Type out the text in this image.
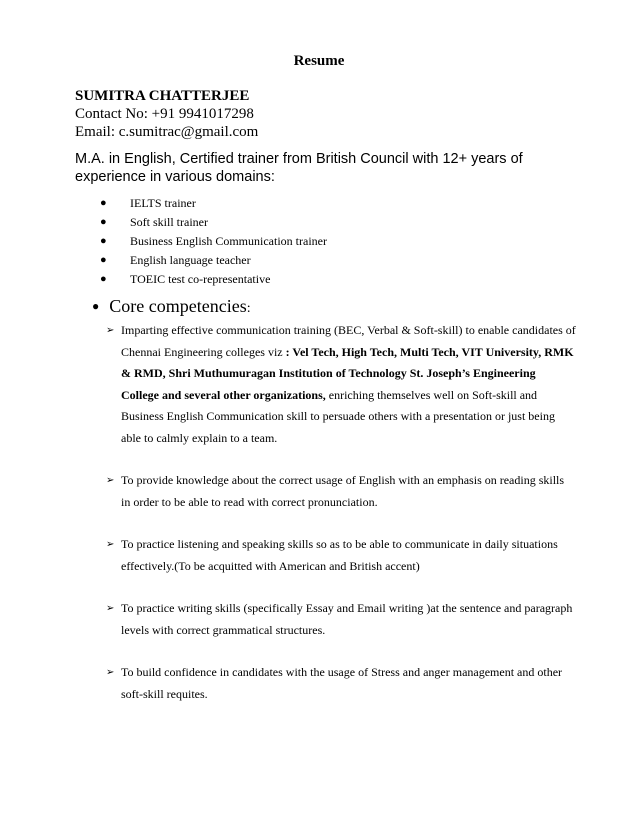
Resume
SUMITRA CHATTERJEE
Contact No: +91 9941017298
Email: c.sumitrac@gmail.com
M.A. in English, Certified trainer from British Council with 12+ years of experience in various domains:
● IELTS trainer
● Soft skill trainer
● Business English Communication trainer
● English language teacher
● TOEIC test co-representative
● Core competencies:
➢ Imparting effective communication training (BEC, Verbal & Soft-skill) to enable candidates of Chennai Engineering colleges viz : Vel Tech, High Tech, Multi Tech, VIT University, RMK & RMD, Shri Muthumuragan Institution of Technology St. Joseph’s Engineering College and several other organizations, enriching themselves well on Soft-skill and Business English Communication skill to persuade others with a presentation or just being able to calmly explain to a team.
➢ To provide knowledge about the correct usage of English with an emphasis on reading skills in order to be able to read with correct pronunciation.
➢ To practice listening and speaking skills so as to be able to communicate in daily situations effectively.(To be acquitted with American and British accent)
➢ To practice writing skills (specifically Essay and Email writing )at the sentence and paragraph levels with correct grammatical structures.
➢ To build confidence in candidates with the usage of Stress and anger management and other soft-skill requites.
